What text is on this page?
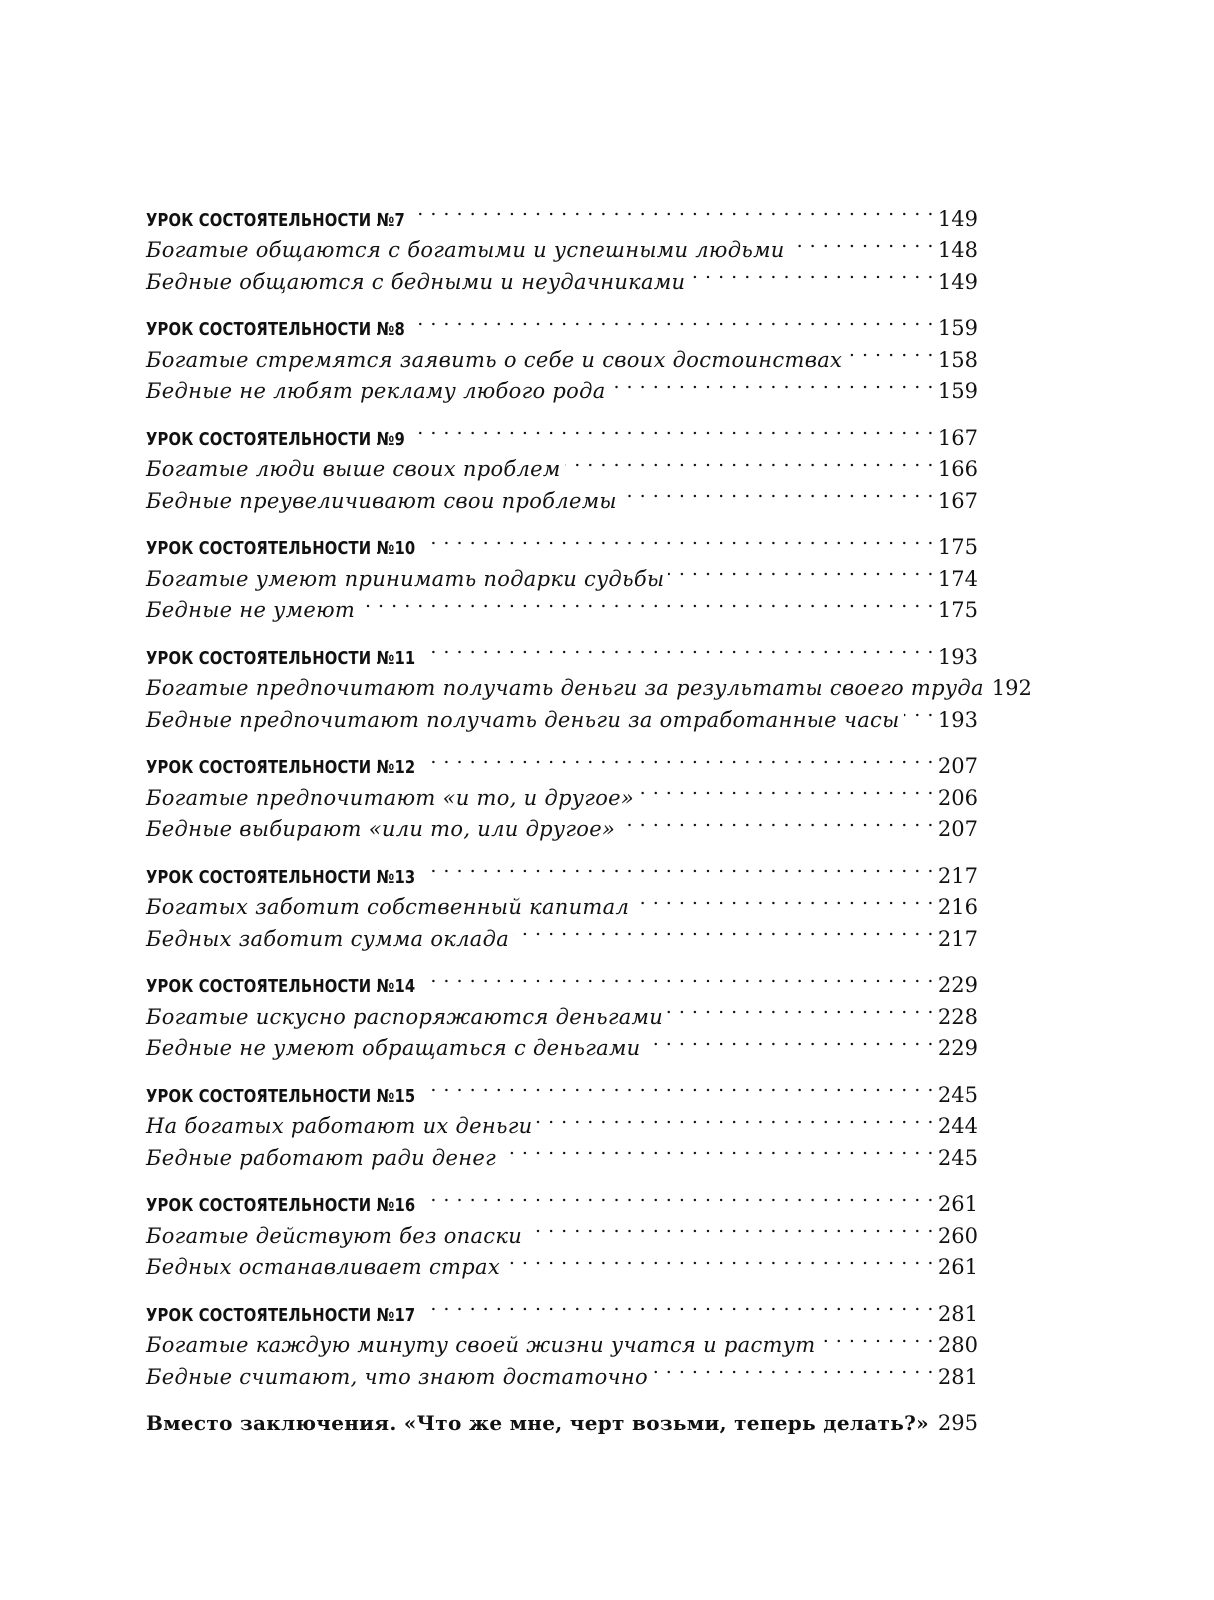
УРОК СОСТОЯТЕЛЬНОСТИ №7 . . .	149
Богатые общаются с богатыми и успешными людьми . . .	148
Бедные общаются с бедными и неудачниками . . .	149
УРОК СОСТОЯТЕЛЬНОСТИ №8 . . .	159
Богатые стремятся заявить о себе и своих достоинствах . . .	158
Бедные не любят рекламу любого рода . . .	159
УРОК СОСТОЯТЕЛЬНОСТИ №9 . . .	167
Богатые люди выше своих проблем . . .	166
Бедные преувеличивают свои проблемы . . .	167
УРОК СОСТОЯТЕЛЬНОСТИ №10 . . .	175
Богатые умеют принимать подарки судьбы . . .	174
Бедные не умеют . . .	175
УРОК СОСТОЯТЕЛЬНОСТИ №11 . . .	193
Богатые предпочитают получать деньги за результаты своего труда 192
Бедные предпочитают получать деньги за отработанные часы . . . 193
УРОК СОСТОЯТЕЛЬНОСТИ №12 . . .	207
Богатые предпочитают «и то, и другое» . . .	206
Бедные выбирают «или то, или другое» . . .	207
УРОК СОСТОЯТЕЛЬНОСТИ №13 . . .	217
Богатых заботит собственный капитал . . .	216
Бедных заботит сумма оклада . . .	217
УРОК СОСТОЯТЕЛЬНОСТИ №14 . . .	229
Богатые искусно распоряжаются деньгами . . .	228
Бедные не умеют обращаться с деньгами . . .	229
УРОК СОСТОЯТЕЛЬНОСТИ №15 . . .	245
На богатых работают их деньги . . .	244
Бедные работают ради денег . . .	245
УРОК СОСТОЯТЕЛЬНОСТИ №16 . . .	261
Богатые действуют без опаски . . .	260
Бедных останавливает страх . . .	261
УРОК СОСТОЯТЕЛЬНОСТИ №17 . . .	281
Богатые каждую минуту своей жизни учатся и растут . . .	280
Бедные считают, что знают достаточно . . .	281
Вместо заключения. «Что же мне, черт возьми, теперь делать?» . . . 295
